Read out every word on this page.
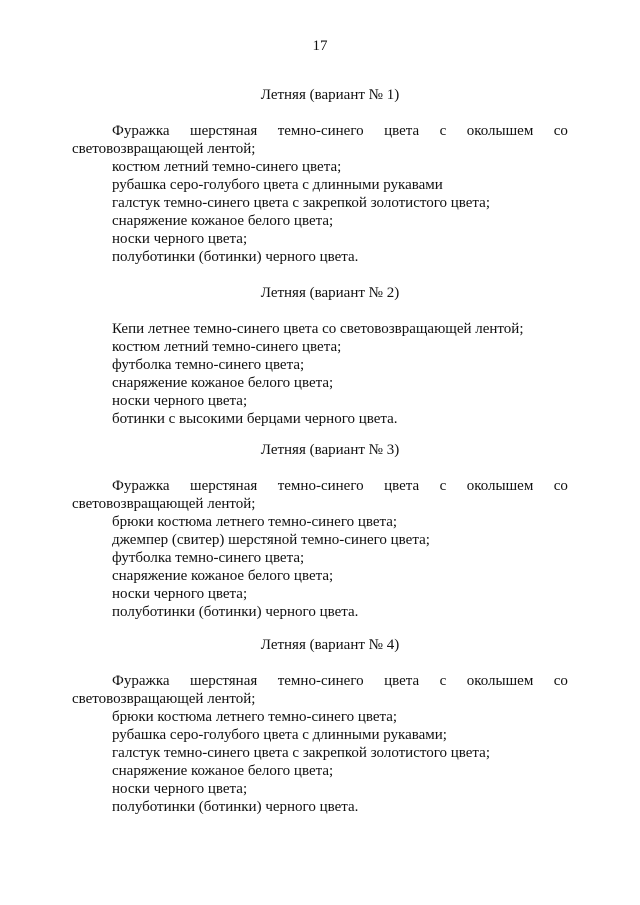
17
Летняя (вариант № 1)
Фуражка шерстяная темно-синего цвета с околышем со
световозвращающей лентой;
костюм летний темно-синего цвета;
рубашка серо-голубого цвета с длинными рукавами
галстук темно-синего цвета с закрепкой золотистого цвета;
снаряжение кожаное белого цвета;
носки черного цвета;
полуботинки (ботинки) черного цвета.
Летняя (вариант № 2)
Кепи летнее темно-синего цвета со световозвращающей лентой;
костюм летний темно-синего цвета;
футболка темно-синего цвета;
снаряжение кожаное белого цвета;
носки черного цвета;
ботинки с высокими берцами черного цвета.
Летняя (вариант № 3)
Фуражка шерстяная темно-синего цвета с околышем со
световозвращающей лентой;
брюки костюма летнего темно-синего цвета;
джемпер (свитер) шерстяной темно-синего цвета;
футболка темно-синего цвета;
снаряжение кожаное белого цвета;
носки черного цвета;
полуботинки (ботинки) черного цвета.
Летняя (вариант № 4)
Фуражка шерстяная темно-синего цвета с околышем со
световозвращающей лентой;
брюки костюма летнего темно-синего цвета;
рубашка серо-голубого цвета с длинными рукавами;
галстук темно-синего цвета с закрепкой золотистого цвета;
снаряжение кожаное белого цвета;
носки черного цвета;
полуботинки (ботинки) черного цвета.
